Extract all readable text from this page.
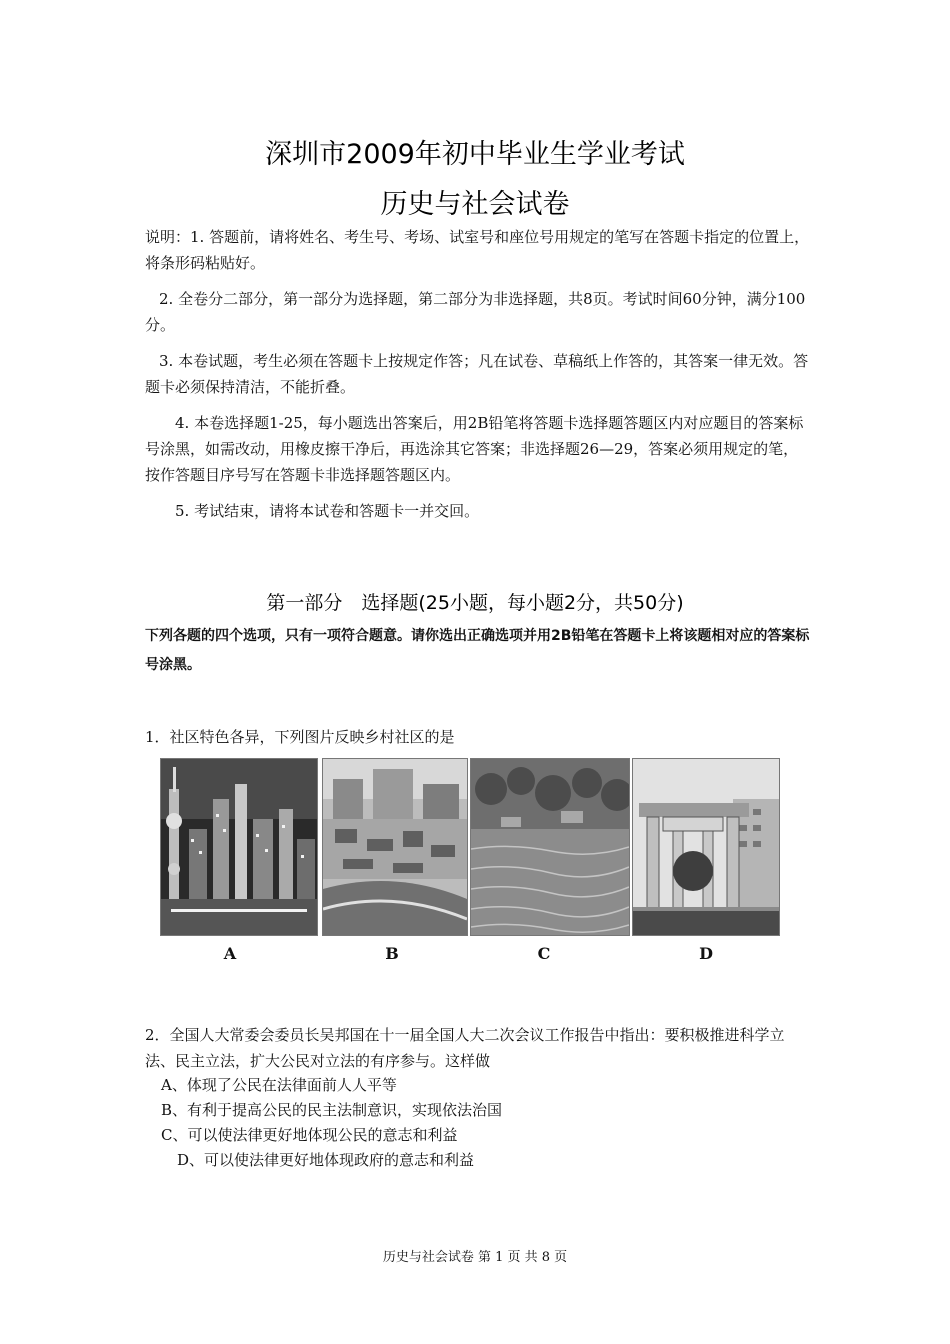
深圳市2009年初中毕业生学业考试
历史与社会试卷
说明：1. 答题前，请将姓名、考生号、考场、试室号和座位号用规定的笔写在答题卡指定的位置上，将条形码粘贴好。
2. 全卷分二部分，第一部分为选择题，第二部分为非选择题，共8页。考试时间60分钟，满分100分。
3. 本卷试题，考生必须在答题卡上按规定作答；凡在试卷、草稿纸上作答的，其答案一律无效。答题卡必须保持清洁，不能折叠。
4. 本卷选择题1-25，每小题选出答案后，用2B铅笔将答题卡选择题答题区内对应题目的答案标号涂黑，如需改动，用橡皮擦干净后，再选涂其它答案；非选择题26—29，答案必须用规定的笔，按作答题目序号写在答题卡非选择题答题区内。
5. 考试结束，请将本试卷和答题卡一并交回。
第一部分　选择题(25小题，每小题2分，共50分)
下列各题的四个选项，只有一项符合题意。请你选出正确选项并用2B铅笔在答题卡上将该题相对应的答案标号涂黑。
1．社区特色各异，下列图片反映乡村社区的是
A	B	C	D
2．全国人大常委会委员长吴邦国在十一届全国人大二次会议工作报告中指出：要积极推进科学立法、民主立法，扩大公民对立法的有序参与。这样做
A、体现了公民在法律面前人人平等
B、有利于提高公民的民主法制意识，实现依法治国
C、可以使法律更好地体现公民的意志和利益
D、可以使法律更好地体现政府的意志和利益
历史与社会试卷 第 1 页 共 8 页
